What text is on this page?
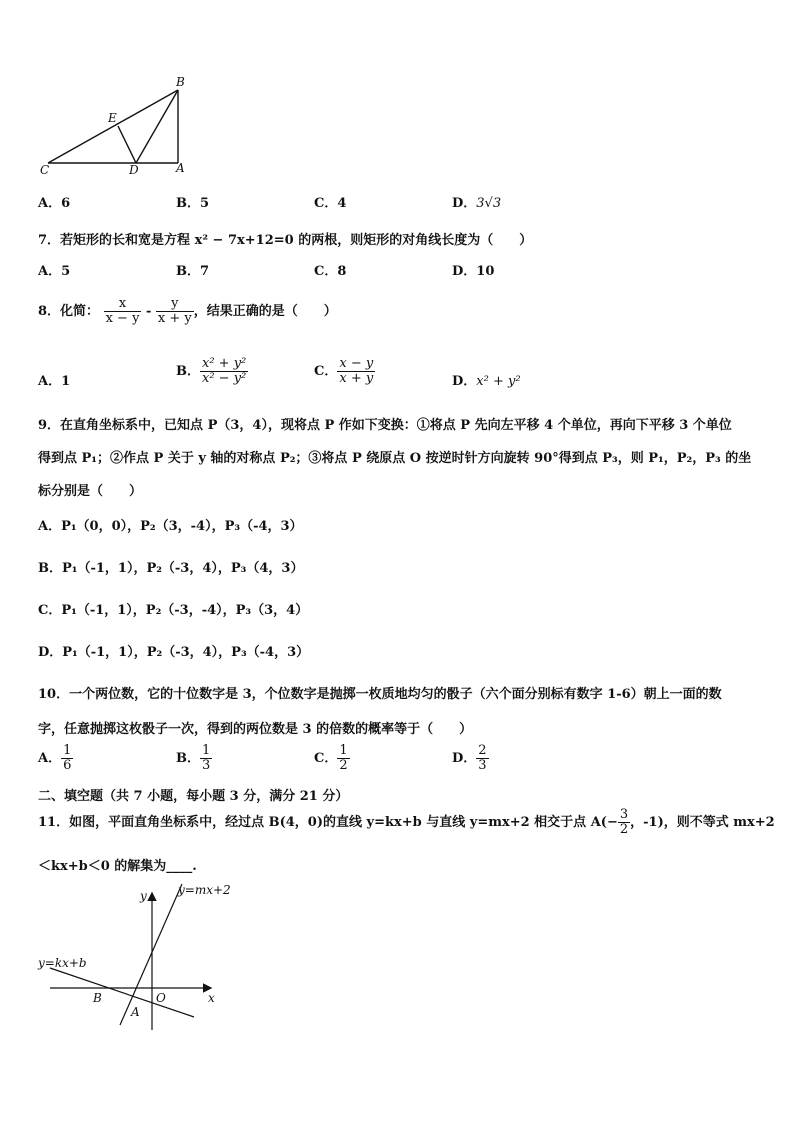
B
E
C	D	A
A．6	B．5	C．4	D．3√3
7．若矩形的长和宽是方程 x² − 7x+12=0 的两根，则矩形的对角线长度为（　　）
A．5	B．7	C．8	D．10
8．化简： $\frac{x}{x - y} - \frac{y}{x + y}$ ，结果正确的是（　　）
A．1
B． $\frac{\text{x² + y²}}{\text{x² − y²}}$	C． $\frac{x - y}{x + y}$	D．x² + y²
9．在直角坐标系中，已知点 P（3，4），现将点 P 作如下变换：①将点 P 先向左平移 4 个单位，再向下平移 3 个单位
得到点 P₁；②作点 P 关于 y 轴的对称点 P₂；③将点 P 绕原点 O 按逆时针方向旋转 90°得到点 P₃，则 P₁，P₂，P₃ 的坐
标分别是（　　）
A．P₁（0，0），P₂（3，-4），P₃（-4，3）
B．P₁（-1，1），P₂（-3，4），P₃（4，3）
C．P₁（-1，1），P₂（-3，-4），P₃（3，4）
D．P₁（-1，1），P₂（-3，4），P₃（-4，3）
10．一个两位数，它的十位数字是 3，个位数字是抛掷一枚质地均匀的骰子（六个面分别标有数字 1-6）朝上一面的数
字，任意抛掷这枚骰子一次，得到的两位数是 3 的倍数的概率等于（　　）
A． $\frac{1}{6}$	B． $\frac{1}{3}$	C． $\frac{1}{2}$	D． $\frac{2}{3}$
二、填空题（共 7 小题，每小题 3 分，满分 21 分）
11．如图，平面直角坐标系中，经过点 B(4，0)的直线 y=kx+b 与直线 y=mx+2 相交于点 $A(- \frac{3}{2}$ ，-1)，则不等式 mx+2
＜kx+b＜0 的解集为____.
y	y=mx+2
y=kx+b
B	O	x
A
